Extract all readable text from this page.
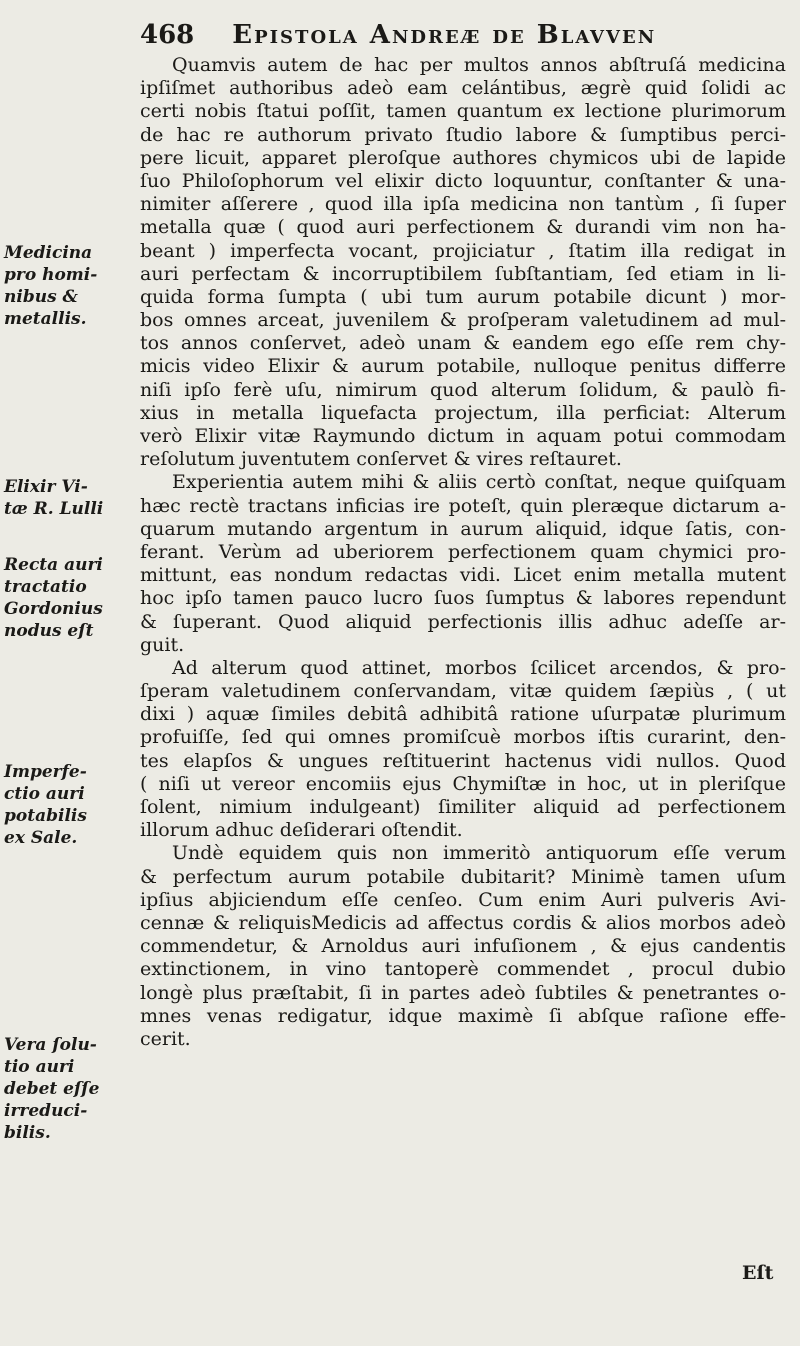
468 Epistola Andreæ de Blavven
Medicina
pro homi-
nibus &
metallis.
Elixir Vi-
tæ R. Lulli
Recta auri
tractatio
Gordonius
nodus eſt
Imperfe-
ctio auri
potabilis
ex Sale.
Vera ſolu-
tio auri
debet eſſe
irreduci-
bilis.
Quamvis autem de hac per multos annos abſtruſá medicina
ipſiſmet authoribus adeò eam celántibus, ægrè quid ſolidi ac
certi nobis ſtatui poſſit, tamen quantum ex lectione plurimorum
de hac re authorum privato ſtudio labore & ſumptibus perci-
pere licuit, apparet pleroſque authores chymicos ubi de lapide
ſuo Philoſophorum vel elixir dicto loquuntur, conſtanter & una-
nimiter aſſerere , quod illa ipſa medicina non tantùm , ſi ſuper
metalla quæ ( quod auri perfectionem & durandi vim non ha-
beant ) imperfecta vocant, projiciatur , ſtatim illa redigat in
auri perfectam & incorruptibilem ſubſtantiam, ſed etiam in li-
quida forma ſumpta ( ubi tum aurum potabile dicunt ) mor-
bos omnes arceat, juvenilem & proſperam valetudinem ad mul-
tos annos conſervet, adeò unam & eandem ego eſſe rem chy-
micis video Elixir & aurum potabile, nulloque penitus differre
niſi ipſo ferè uſu, nimirum quod alterum ſolidum, & paulò fi-
xius in metalla liquefacta projectum, illa perficiat: Alterum
verò Elixir vitæ Raymundo dictum in aquam potui commodam
reſolutum juventutem conſervet & vires reſtauret.
Experientia autem mihi & aliis certò conſtat, neque quiſquam
hæc rectè tractans inficias ire poteſt, quin pleræque dictarum a-
quarum mutando argentum in aurum aliquid, idque ſatis, con-
ferant. Verùm ad uberiorem perfectionem quam chymici pro-
mittunt, eas nondum redactas vidi. Licet enim metalla mutent
hoc ipſo tamen pauco lucro ſuos ſumptus & labores rependunt
& ſuperant. Quod aliquid perfectionis illis adhuc adeſſe ar-
guit.
Ad alterum quod attinet, morbos ſcilicet arcendos, & pro-
ſperam valetudinem conſervandam, vitæ quidem ſæpiùs , ( ut
dixi ) aquæ ſimiles debitâ adhibitâ ratione uſurpatæ plurimum
profuiſſe, ſed qui omnes promiſcuè morbos iſtis curarint, den-
tes elapſos & ungues reſtituerint hactenus vidi nullos. Quod
( niſi ut vereor encomiis ejus Chymiſtæ in hoc, ut in pleriſque
ſolent, nimium indulgeant) ſimiliter aliquid ad perfectionem
illorum adhuc deſiderari oſtendit.
Undè equidem quis non immeritò antiquorum eſſe verum
& perfectum aurum potabile dubitarit? Minimè tamen uſum
ipſius abjiciendum eſſe cenſeo. Cum enim Auri pulveris Avi-
cennæ & reliquisMedicis ad affectus cordis & alios morbos adeò
commendetur, & Arnoldus auri infuſionem , & ejus candentis
extinctionem, in vino tantoperè commendet , procul dubio
longè plus præſtabit, ſi in partes adeò ſubtiles & penetrantes o-
mnes venas redigatur, idque maximè ſi abſque raſione effe-
cerit.
Eſt
